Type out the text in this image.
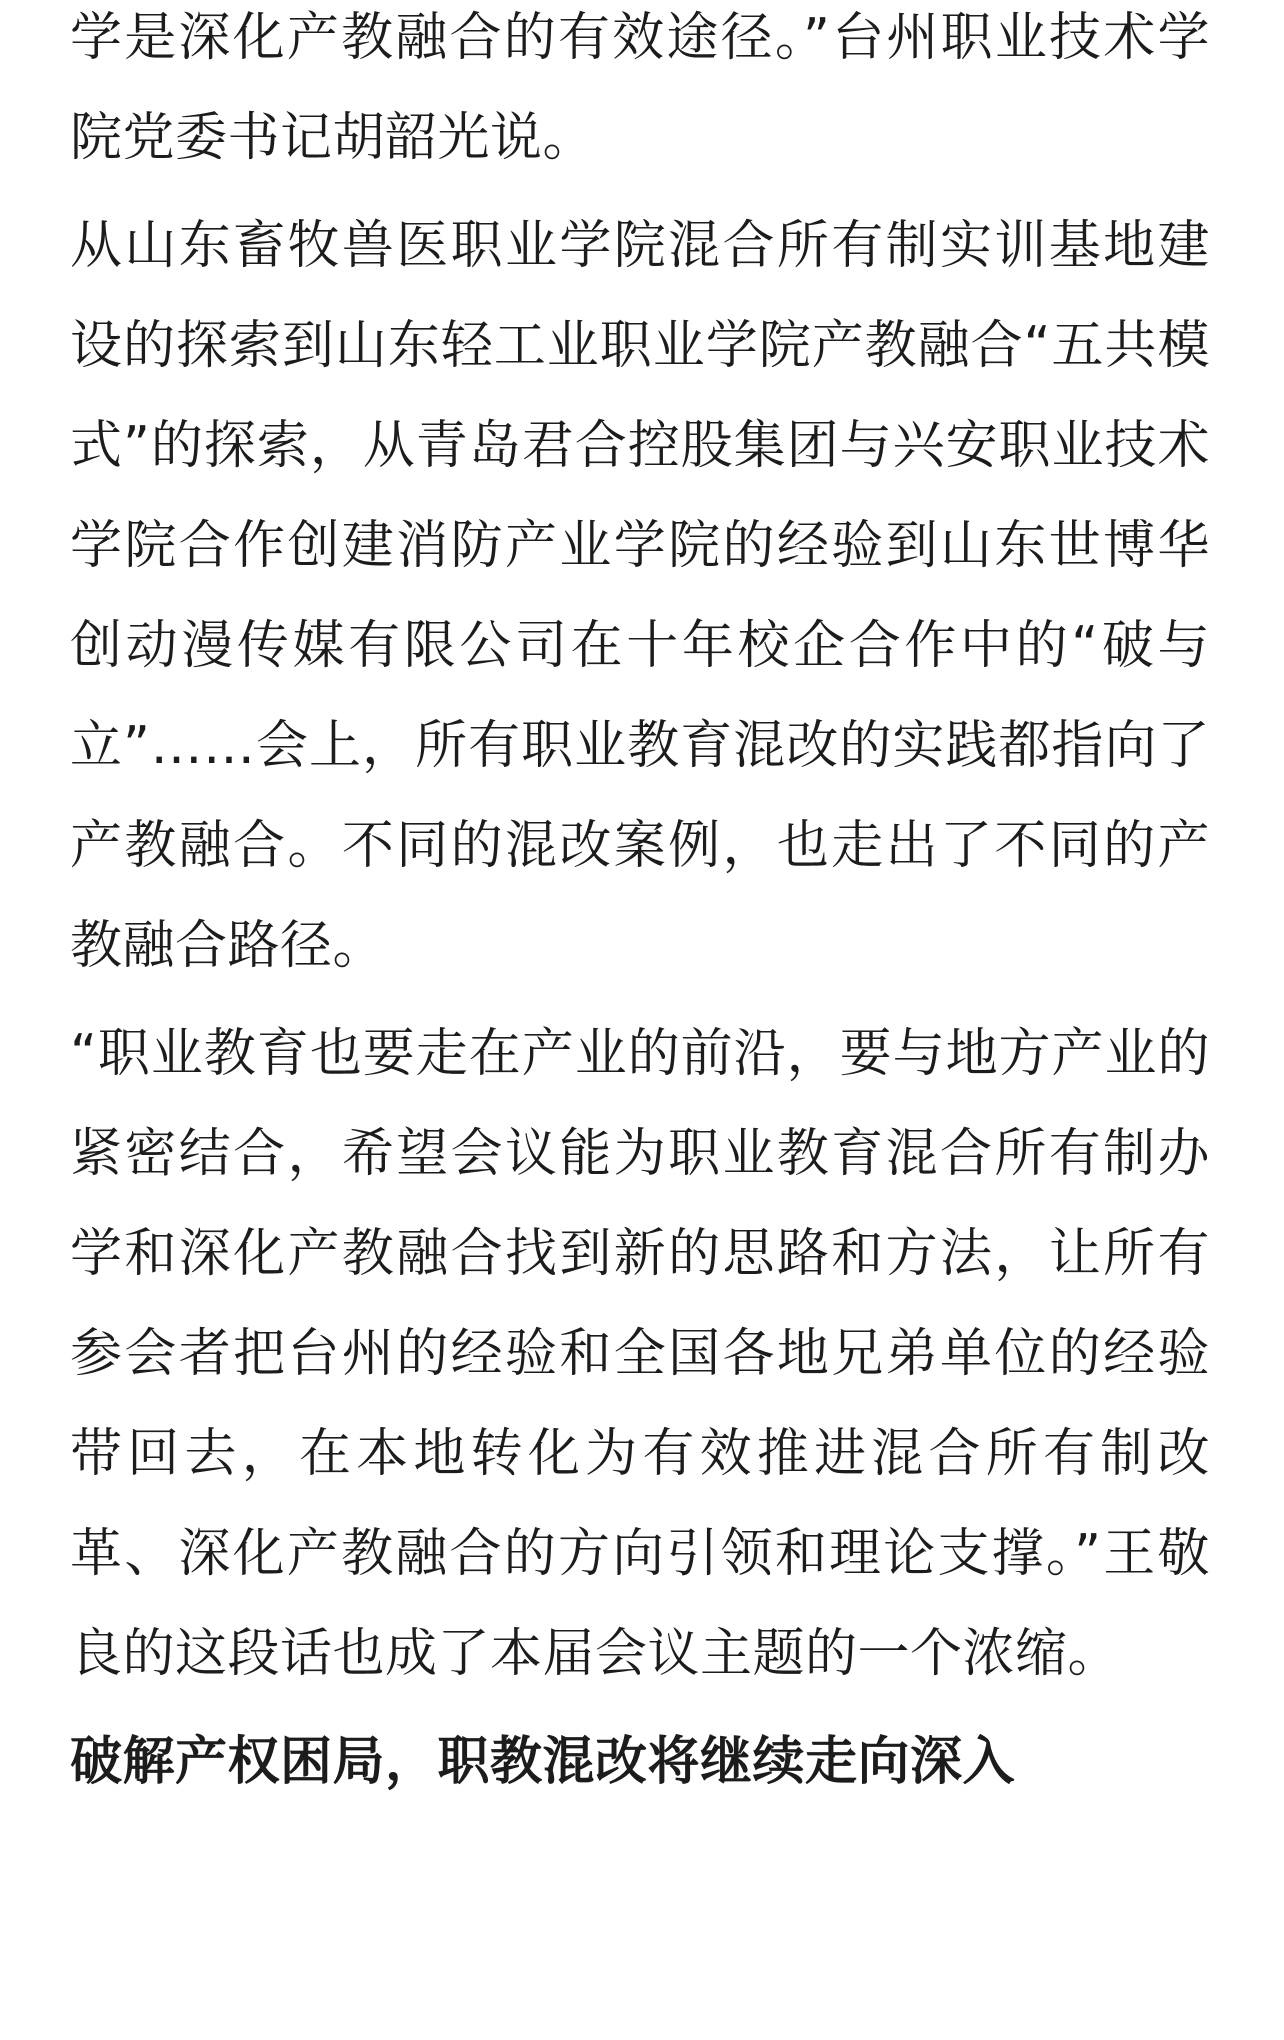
学是深化产教融合的有效途径。”台州职业技术学院党委书记胡韶光说。

从山东畜牧兽医职业学院混合所有制实训基地建设的探索到山东轻工业职业学院产教融合“五共模式”的探索，从青岛君合控股集团与兴安职业技术学院合作创建消防产业学院的经验到山东世博华创动漫传媒有限公司在十年校企合作中的“破与立”……会上，所有职业教育混改的实践都指向了产教融合。不同的混改案例，也走出了不同的产教融合路径。

“职业教育也要走在产业的前沿，要与地方产业的紧密结合，希望会议能为职业教育混合所有制办学和深化产教融合找到新的思路和方法，让所有参会者把台州的经验和全国各地兄弟单位的经验带回去，在本地转化为有效推进混合所有制改革、深化产教融合的方向引领和理论支撑。”王敬良的这段话也成了本届会议主题的一个浓缩。

破解产权困局，职教混改将继续走向深入
